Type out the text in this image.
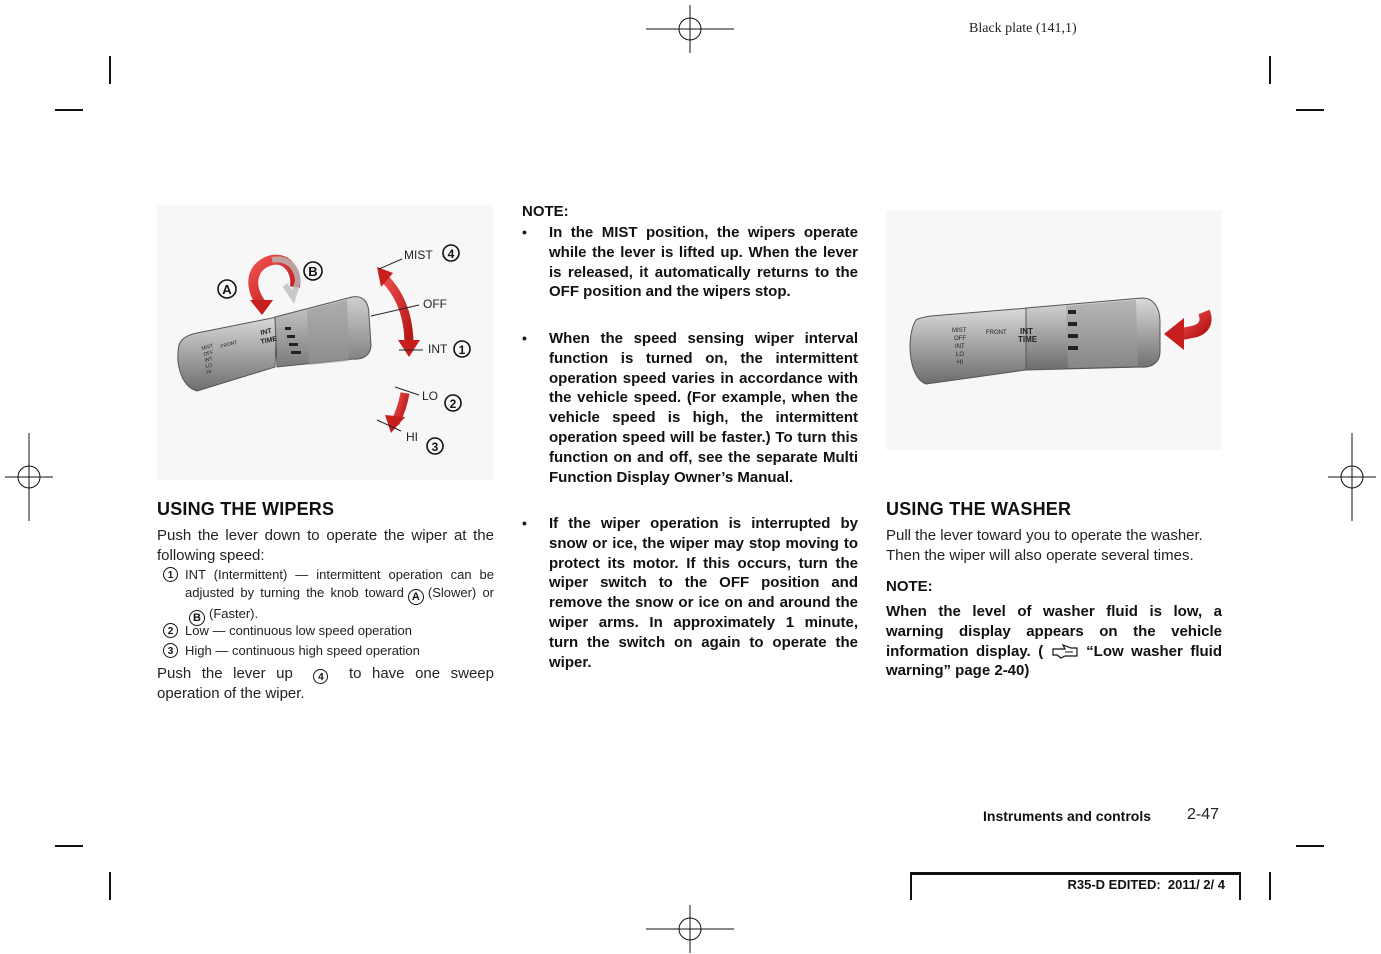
Black plate (141,1)
INT
TIME
FRONT
MIST
OFF
INT
LO
HI
A
B
MIST 4
OFF
INT 1
LO
2
HI
3
USING THE WIPERS
Push the lever down to operate the wiper at the following speed:
1 INT (Intermittent) — intermittent operation can be adjusted by turning the knob toward A (Slower) orB (Faster).
2 Low — continuous low speed operation
3 High — continuous high speed operation
Push the lever up	4 to have one sweep operation of the wiper.
NOTE:
• In the MIST position, the wipers operate while the lever is lifted up. When the lever is released, it automatically returns to the OFF position and the wipers stop.
• When the speed sensing wiper interval function is turned on, the intermittent operation speed varies in accordance with the vehicle speed. (For example, when the vehicle speed is high, the intermittent operation speed will be faster.) To turn this function on and off, see the separate Multi Function Display Owner’s Manual.
• If the wiper operation is interrupted by snow or ice, the wiper may stop moving to protect its motor. If this occurs, turn the wiper switch to the OFF position and remove the snow or ice on and around the wiper arms. In approximately 1 minute, turn the switch on again to operate the wiper.
INT
TIME
FRONT
MIST
OFF
INT
LO
HI
USING THE WASHER
Pull the lever toward you to operate the washer. Then the wiper will also operate several times.
NOTE:
When the level of washer fluid is low, a warning display appears on the vehicle information display. (	“Low washer fluid warning” page 2-40)
Instruments and controls 2-47
R35-D EDITED:  2011/ 2/ 4
